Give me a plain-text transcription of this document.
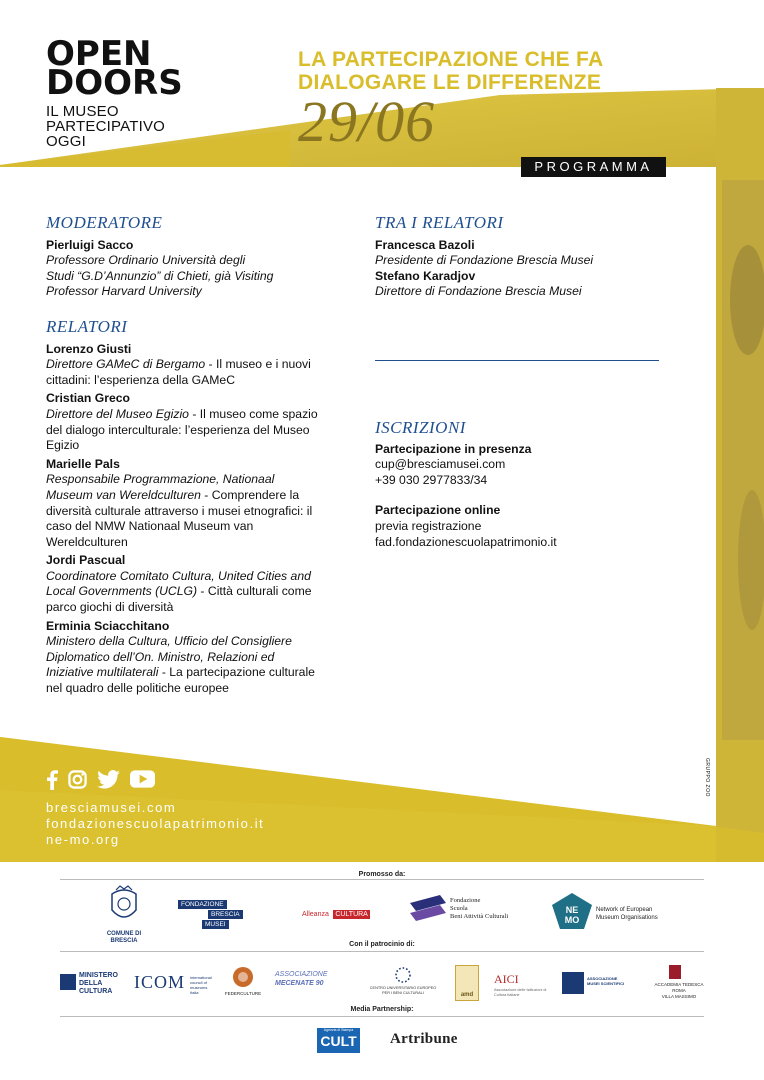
OPEN
DOORS
IL MUSEO
PARTECIPATIVO
OGGI
LA PARTECIPAZIONE CHE FA
DIALOGARE LE DIFFERENZE
29/06
PROGRAMMA
MODERATORE
Pierluigi Sacco
Professore Ordinario Università degli
Studi “G.D’Annunzio” di Chieti, già Visiting
Professor Harvard University
RELATORI
Lorenzo Giusti
Direttore GAMeC di Bergamo - Il museo e i nuovi cittadini: l’esperienza della GAMeC
Cristian Greco
Direttore del Museo Egizio - Il museo come spazio del dialogo interculturale: l’esperienza del Museo Egizio
Marielle Pals
Responsabile Programmazione, Nationaal Museum van Wereldculturen - Comprendere la diversità culturale attraverso i musei etnografici: il caso del NMW Nationaal Museum van Wereldculturen
Jordi Pascual
Coordinatore Comitato Cultura, United Cities and Local Governments (UCLG) - Città culturali come parco giochi di diversità
Erminia Sciacchitano
Ministero della Cultura, Ufficio del Consigliere Diplomatico dell’On. Ministro, Relazioni ed Iniziative multilaterali - La partecipazione culturale nel quadro delle politiche europee
TRA I RELATORI
Francesca Bazoli
Presidente di Fondazione Brescia Musei
Stefano Karadjov
Direttore di Fondazione Brescia Musei
ISCRIZIONI
Partecipazione in presenza
cup@bresciamusei.com
+39 030 2977833/34
Partecipazione online
previa registrazione
fad.fondazionescuolapatrimonio.it
bresciamusei.com
fondazionescuolapatrimonio.it
ne-mo.org
GRUPPO ZOO
Promosso da:
COMUNE DI BRESCIA
FONDAZIONE
BRESCIA
MUSEI
Alleanza CULTURA
Fondazione
Scuola
Beni Attività Culturali
NE MO
Network of European
Museum Organisations
Con il patrocinio di:
MINISTERO
DELLA
CULTURA	ICOM international council of museums Italia	FEDERCULTURE
ASSOCIAZIONE
MECENATE 90
CENTRO UNIVERSITARIO EUROPEO PER I BENI CULTURALI	amd
AICI
Associazione delle Istituzioni di Cultura Italiane
ASSOCIAZIONE MUSEI SCIENTIFICI	ACCADEMIA TEDESCA ROMA
VILLA MASSIMO
Media Partnership:
Agenzia di Stampa
CULT Artribune
